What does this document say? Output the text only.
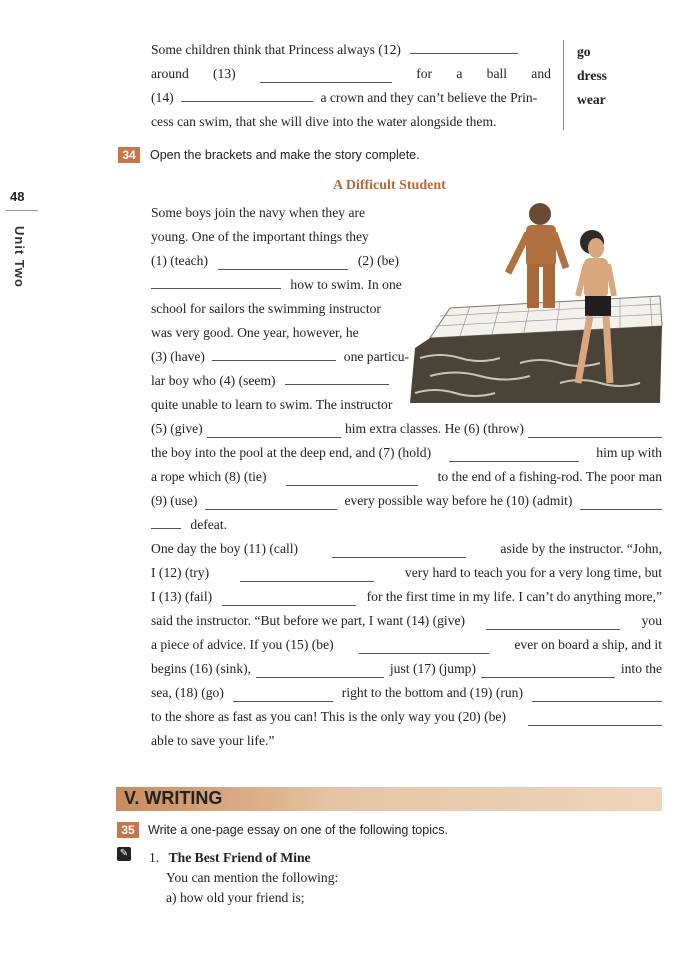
48
Unit Two
Some children think that Princess always (12)
around (13)	for a ball and
(14)	a crown and they can’t believe the Prin-
cess can swim, that she will dive into the water alongside them.
go
dress
wear
34	Open the brackets and make the story complete.
A Difficult Student
Some boys join the navy when they are
young. One of the important things they
(1) (teach)	(2) (be)
how to swim. In one
school for sailors the swimming instructor
was very good. One year, however, he
(3) (have)	one particu-
lar boy who (4) (seem)
quite unable to learn to swim. The instructor
(5) (give)	him extra classes. He (6) (throw)
the boy into the pool at the deep end, and (7) (hold)	him up with
a rope which (8) (tie)	to the end of a fishing-rod. The poor man
(9) (use)	every possible way before he (10) (admit)
defeat.
One day the boy (11) (call)	aside by the instructor. “John,
I (12) (try)	very hard to teach you for a very long time, but
I (13) (fail)	for the first time in my life. I can’t do anything more,”
said the instructor. “But before we part, I want (14) (give)	you
a piece of advice. If you (15) (be)	ever on board a ship, and it
begins (16) (sink),	just (17) (jump)	into the
sea, (18) (go)	right to the bottom and (19) (run)
to the shore as fast as you can! This is the only way you (20) (be)
able to save your life.”
V. WRITING
35	Write a one-page essay on one of the following topics.
✎ 1. The Best Friend of Mine
You can mention the following:
a) how old your friend is;
